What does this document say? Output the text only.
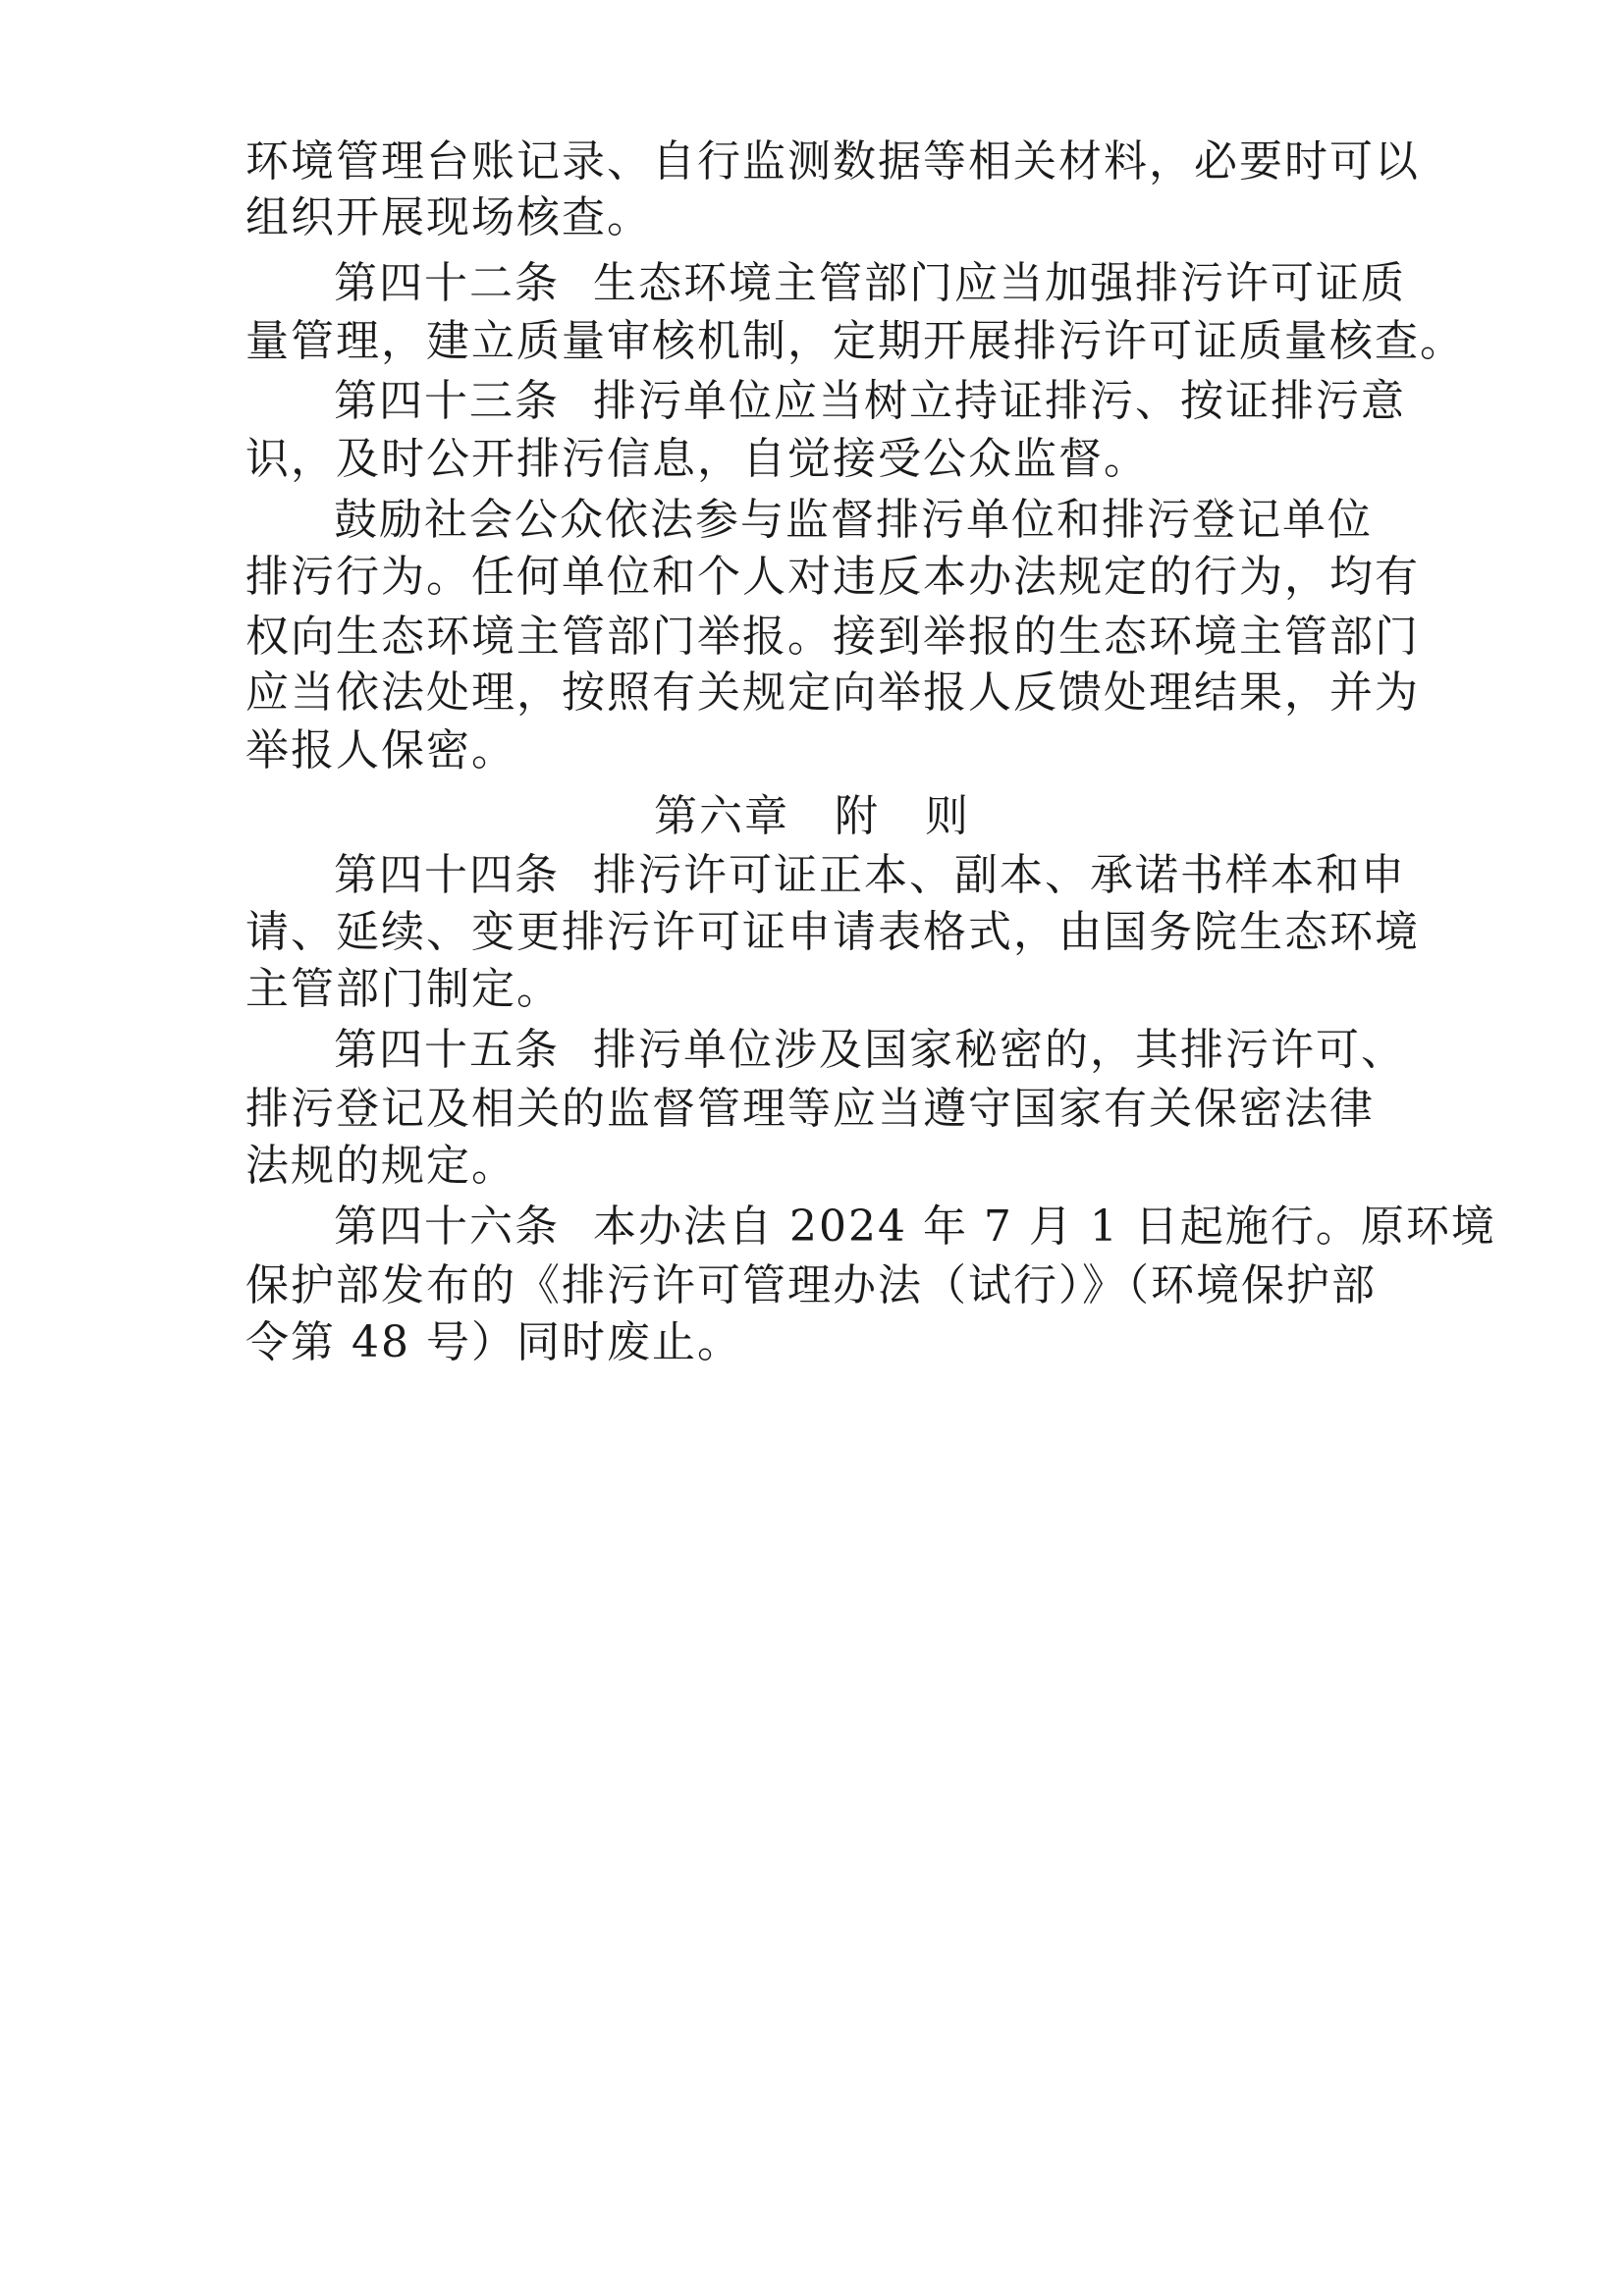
环境管理台账记录、自行监测数据等相关材料，必要时可以
组织开展现场核查。
第四十二条 生态环境主管部门应当加强排污许可证质
量管理，建立质量审核机制，定期开展排污许可证质量核查。
第四十三条 排污单位应当树立持证排污、按证排污意
识，及时公开排污信息，自觉接受公众监督。
鼓励社会公众依法参与监督排污单位和排污登记单位
排污行为。任何单位和个人对违反本办法规定的行为，均有
权向生态环境主管部门举报。接到举报的生态环境主管部门
应当依法处理，按照有关规定向举报人反馈处理结果，并为
举报人保密。
第六章　附　则
第四十四条 排污许可证正本、副本、承诺书样本和申
请、延续、变更排污许可证申请表格式，由国务院生态环境
主管部门制定。
第四十五条 排污单位涉及国家秘密的，其排污许可、
排污登记及相关的监督管理等应当遵守国家有关保密法律
法规的规定。
第四十六条 本办法自 2024 年 7 月 1 日起施行。原环境
保护部发布的《排污许可管理办法（试行）》（环境保护部
令第 48 号）同时废止。
